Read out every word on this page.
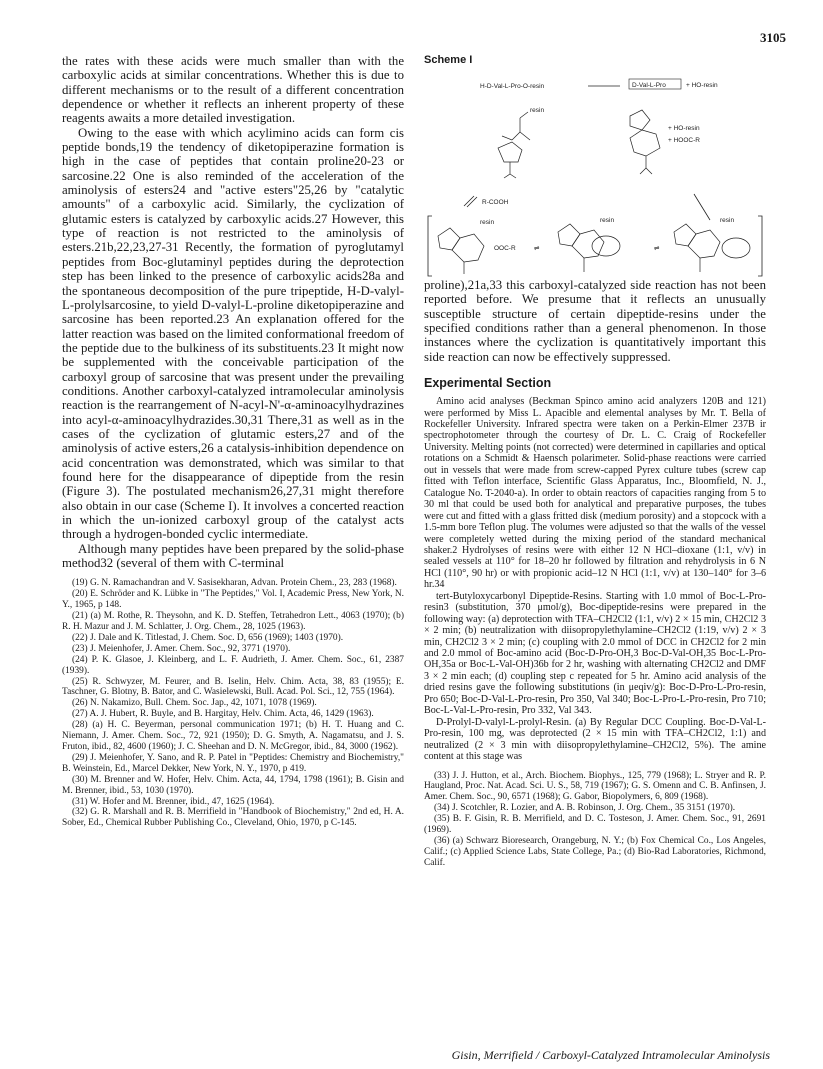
3105

the rates with these acids were much smaller than with the carboxylic acids at similar concentrations. Whether this is due to different mechanisms or to the result of a different concentration dependence or whether it reflects an inherent property of these reagents awaits a more detailed investigation.

Owing to the ease with which acylimino acids can form cis peptide bonds,19 the tendency of diketopiperazine formation is high in the case of peptides that contain proline20-23 or sarcosine.22 One is also reminded of the acceleration of the aminolysis of esters24 and "active esters"25,26 by "catalytic amounts" of a carboxylic acid. Similarly, the cyclization of glutamic esters is catalyzed by carboxylic acids.27 However, this type of reaction is not restricted to the aminolysis of esters.21b,22,23,27-31 Recently, the formation of pyroglutamyl peptides from Boc-glutaminyl peptides during the deprotection step has been linked to the presence of carboxylic acids28a and the spontaneous decomposition of the pure tripeptide, H-D-valyl-L-prolylsarcosine, to yield D-valyl-L-proline diketopiperazine and sarcosine has been reported.23 An explanation offered for the latter reaction was based on the limited conformational freedom of the peptide due to the bulkiness of its substituents.23 It might now be supplemented with the conceivable participation of the carboxyl group of sarcosine that was present under the prevailing conditions. Another carboxyl-catalyzed intramolecular aminolysis reaction is the rearrangement of N-acyl-N'-α-aminoacylhydrazines into acyl-α-aminoacylhydrazides.30,31 There,31 as well as in the cases of the cyclization of glutamic esters,27 and of the aminolysis of active esters,26 a catalysis-inhibition dependence on acid concentration was demonstrated, which was similar to that found here for the disappearance of dipeptide from the resin (Figure 3). The postulated mechanism26,27,31 might therefore also obtain in our case (Scheme I). It involves a concerted reaction in which the un-ionized carboxyl group of the catalyst acts through a hydrogen-bonded cyclic intermediate.

Although many peptides have been prepared by the solid-phase method32 (several of them with C-terminal

(19) G. N. Ramachandran and V. Sasisekharan, Advan. Protein Chem., 23, 283 (1968).

(20) E. Schröder and K. Lübke in "The Peptides," Vol. I, Academic Press, New York, N. Y., 1965, p 148.

(21) (a) M. Rothe, R. Theysohn, and K. D. Steffen, Tetrahedron Lett., 4063 (1970); (b) R. H. Mazur and J. M. Schlatter, J. Org. Chem., 28, 1025 (1963).

(22) J. Dale and K. Titlestad, J. Chem. Soc. D, 656 (1969); 1403 (1970).

(23) J. Meienhofer, J. Amer. Chem. Soc., 92, 3771 (1970).

(24) P. K. Glasoe, J. Kleinberg, and L. F. Audrieth, J. Amer. Chem. Soc., 61, 2387 (1939).

(25) R. Schwyzer, M. Feurer, and B. Iselin, Helv. Chim. Acta, 38, 83 (1955); E. Taschner, G. Blotny, B. Bator, and C. Wasielewski, Bull. Acad. Pol. Sci., 12, 755 (1964).

(26) N. Nakamizo, Bull. Chem. Soc. Jap., 42, 1071, 1078 (1969).

(27) A. J. Hubert, R. Buyle, and B. Hargitay, Helv. Chim. Acta, 46, 1429 (1963).

(28) (a) H. C. Beyerman, personal communication 1971; (b) H. T. Huang and C. Niemann, J. Amer. Chem. Soc., 72, 921 (1950); D. G. Smyth, A. Nagamatsu, and J. S. Fruton, ibid., 82, 4600 (1960); J. C. Sheehan and D. N. McGregor, ibid., 84, 3000 (1962).

(29) J. Meienhofer, Y. Sano, and R. P. Patel in "Peptides: Chemistry and Biochemistry," B. Weinstein, Ed., Marcel Dekker, New York, N. Y., 1970, p 419.

(30) M. Brenner and W. Hofer, Helv. Chim. Acta, 44, 1794, 1798 (1961); B. Gisin and M. Brenner, ibid., 53, 1030 (1970).

(31) W. Hofer and M. Brenner, ibid., 47, 1625 (1964).

(32) G. R. Marshall and R. B. Merrifield in "Handbook of Biochemistry," 2nd ed, H. A. Sober, Ed., Chemical Rubber Publishing Co., Cleveland, Ohio, 1970, p C-145.

Scheme I
H-D-Val-L-Pro-O-resin	D-Val-L-Pro	+ HO-resin
resin
+ HO-resin
+ HOOC-R
R-COOH
resin
OOC-R	⇌
resin
⇌
resin

proline),21a,33 this carboxyl-catalyzed side reaction has not been reported before. We presume that it reflects an unusually susceptible structure of certain dipeptide-resins under the specified conditions rather than a general phenomenon. In those instances where the cyclization is quantitatively important this side reaction can now be effectively suppressed.

Experimental Section

Amino acid analyses (Beckman Spinco amino acid analyzers 120B and 121) were performed by Miss L. Apacible and elemental analyses by Mr. T. Bella of Rockefeller University. Infrared spectra were taken on a Perkin-Elmer 237B ir spectrophotometer through the courtesy of Dr. L. C. Craig of Rockefeller University. Melting points (not corrected) were determined in capillaries and optical rotations on a Schmidt & Haensch polarimeter. Solid-phase reactions were carried out in vessels that were made from screw-capped Pyrex culture tubes (screw cap fitted with Teflon interface, Scientific Glass Apparatus, Inc., Bloomfield, N. J., Catalogue No. T-2040-a). In order to obtain reactors of capacities ranging from 5 to 30 ml that could be used both for analytical and preparative purposes, the tubes were cut and fitted with a glass fritted disk (medium porosity) and a stopcock with a 1.5-mm bore Teflon plug. The volumes were adjusted so that the walls of the vessel were completely wetted during the mixing period of the standard mechanical shaker.2 Hydrolyses of resins were with either 12 N HCl–dioxane (1:1, v/v) in sealed vessels at 110° for 18–20 hr followed by filtration and rehydrolysis in 6 N HCl (110°, 90 hr) or with propionic acid–12 N HCl (1:1, v/v) at 130–140° for 3–6 hr.34

tert-Butyloxycarbonyl Dipeptide-Resins. Starting with 1.0 mmol of Boc-L-Pro-resin3 (substitution, 370 μmol/g), Boc-dipeptide-resins were prepared in the following way: (a) deprotection with TFA–CH2Cl2 (1:1, v/v) 2 × 15 min, CH2Cl2 3 × 2 min; (b) neutralization with diisopropylethylamine–CH2Cl2 (1:19, v/v) 2 × 3 min, CH2Cl2 3 × 2 min; (c) coupling with 2.0 mmol of DCC in CH2Cl2 for 2 min and 2.0 mmol of Boc-amino acid (Boc-D-Pro-OH,3 Boc-D-Val-OH,35 Boc-L-Pro-OH,35a or Boc-L-Val-OH)36b for 2 hr, washing with alternating CH2Cl2 and DMF 3 × 2 min each; (d) coupling step c repeated for 5 hr. Amino acid analysis of the dried resins gave the following substitutions (in μeqiv/g): Boc-D-Pro-L-Pro-resin, Pro 650; Boc-D-Val-L-Pro-resin, Pro 350, Val 340; Boc-L-Pro-L-Pro-resin, Pro 710; Boc-L-Val-L-Pro-resin, Pro 332, Val 343.

D-Prolyl-D-valyl-L-prolyl-Resin. (a) By Regular DCC Coupling. Boc-D-Val-L-Pro-resin, 100 mg, was deprotected (2 × 15 min with TFA–CH2Cl2, 1:1) and neutralized (2 × 3 min with diisopropylethylamine–CH2Cl2, 5%). The amine content at this stage was

(33) J. J. Hutton, et al., Arch. Biochem. Biophys., 125, 779 (1968); L. Stryer and R. P. Haugland, Proc. Nat. Acad. Sci. U. S., 58, 719 (1967); G. S. Omenn and C. B. Anfinsen, J. Amer. Chem. Soc., 90, 6571 (1968); G. Gabor, Biopolymers, 6, 809 (1968).

(34) J. Scotchler, R. Lozier, and A. B. Robinson, J. Org. Chem., 35 3151 (1970).

(35) B. F. Gisin, R. B. Merrifield, and D. C. Tosteson, J. Amer. Chem. Soc., 91, 2691 (1969).

(36) (a) Schwarz Bioresearch, Orangeburg, N. Y.; (b) Fox Chemical Co., Los Angeles, Calif.; (c) Applied Science Labs, State College, Pa.; (d) Bio-Rad Laboratories, Richmond, Calif.

Gisin, Merrifield / Carboxyl-Catalyzed Intramolecular Aminolysis
